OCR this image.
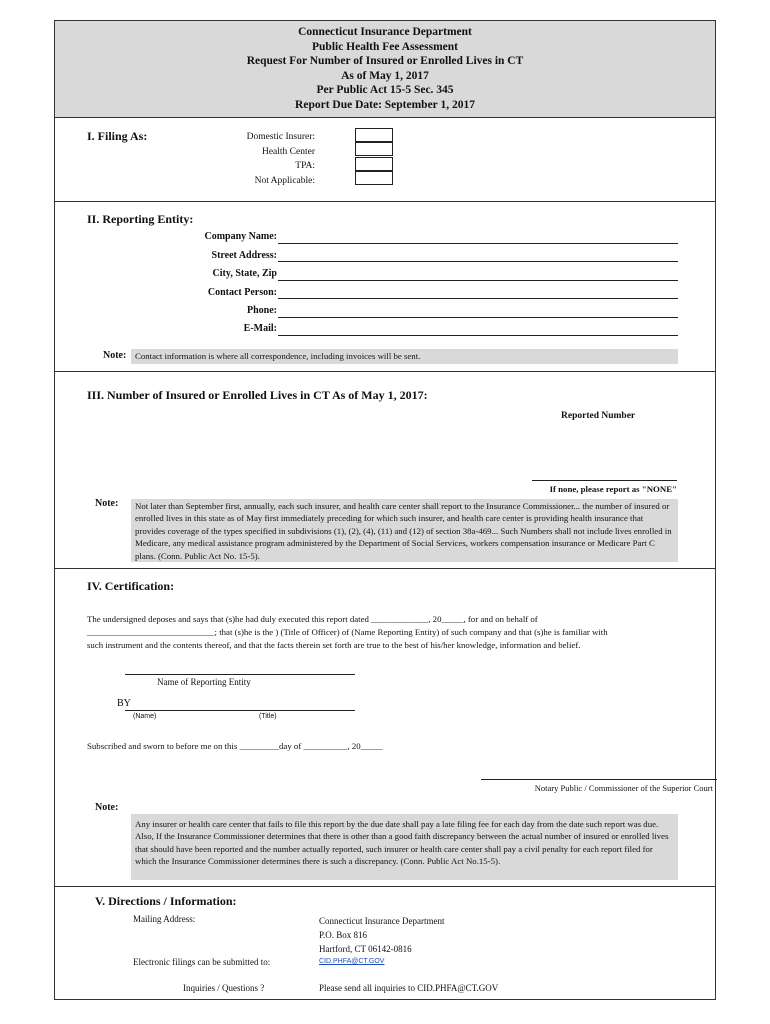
Connecticut Insurance Department
Public Health Fee Assessment
Request For Number of Insured or Enrolled Lives in CT
As of May 1, 2017
Per Public Act 15-5 Sec. 345
Report Due Date: September 1, 2017
I. Filing As:	Domestic Insurer:
Health Center
TPA:
Not Applicable:
II. Reporting Entity:
Company Name:
Street Address:
City, State, Zip
Contact Person:
Phone:
E-Mail:
Note: Contact information is where all correspondence, including invoices will be sent.
III. Number of Insured or Enrolled Lives in CT As of May 1, 2017:
Reported Number
If none, please report as "NONE"
Note:	Not later than September first, annually, each such insurer, and health care center shall report to the Insurance Commissioner... the number of insured or enrolled lives in this state as of May first immediately preceding for which such insurer, and health care center is providing health insurance that provides coverage of the types specified in subdivisions (1), (2), (4), (11) and (12) of section 38a-469... Such Numbers shall not include lives enrolled in Medicare, any medical assistance program administered by the Department of Social Services, workers compensation insurance or Medicare Part C plans. (Conn. Public Act No. 15-5).
IV. Certification:
The undersigned deposes and says that (s)he had duly executed this report dated _____________, 20_____, for and on behalf of
_____________________________; that (s)he is the ) (Title of Officer) of (Name Reporting Entity) of such company and that (s)he is familiar with
such instrument and the contents thereof, and that the facts therein set forth are true to the best of his/her knowledge, information and belief.
Name of Reporting Entity
BY
(Name)	(Title)
Subscribed and sworn to before me on this _________day of __________, 20_____
Notary Public / Commissioner of the Superior Court
Note:
Any insurer or health care center that fails to file this report by the due date shall pay a late filing fee for each day from the date such report was due. Also, If the Insurance Commissioner determines that there is other than a good faith discrepancy between the actual number of insured or enrolled lives that should have been reported and the number actually reported, such insurer or health care center shall pay a civil penalty for each report filed for which the Insurance Commissioner determines there is such a discrepancy. (Conn. Public Act No.15-5).
V. Directions / Information:
Mailing Address:	Connecticut Insurance Department
P.O. Box 816
Hartford, CT 06142-0816
Electronic filings can be submitted to:	CID.PHFA@CT.GOV
Inquiries / Questions ?	Please send all inquiries to CID.PHFA@CT.GOV
